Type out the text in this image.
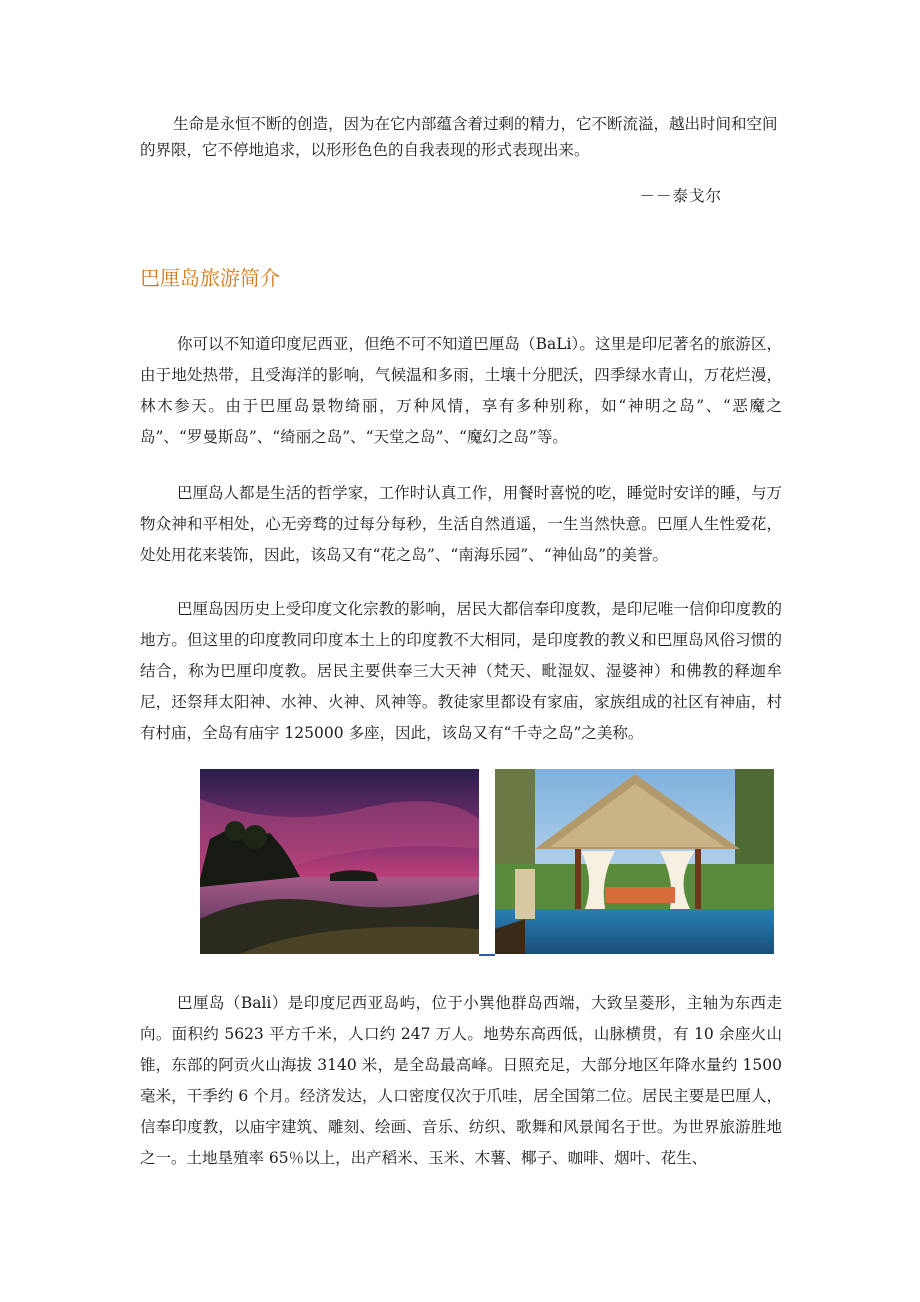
生命是永恒不断的创造，因为在它内部蕴含着过剩的精力，它不断流溢，越出时间和空间的界限，它不停地追求，以形形色色的自我表现的形式表现出来。
－－泰戈尔
巴厘岛旅游简介
你可以不知道印度尼西亚，但绝不可不知道巴厘岛（BaLi）。这里是印尼著名的旅游区，由于地处热带，且受海洋的影响，气候温和多雨，土壤十分肥沃，四季绿水青山，万花烂漫，林木参天。由于巴厘岛景物绮丽，万种风情，享有多种别称，如“神明之岛”、“恶魔之岛”、“罗曼斯岛”、“绮丽之岛”、“天堂之岛”、“魔幻之岛”等。
巴厘岛人都是生活的哲学家，工作时认真工作，用餐时喜悦的吃，睡觉时安详的睡，与万物众神和平相处，心无旁骛的过每分每秒，生活自然逍遥，一生当然快意。巴厘人生性爱花，处处用花来装饰，因此，该岛又有“花之岛”、“南海乐园”、“神仙岛”的美誉。
巴厘岛因历史上受印度文化宗教的影响，居民大都信奉印度教，是印尼唯一信仰印度教的地方。但这里的印度教同印度本土上的印度教不大相同，是印度教的教义和巴厘岛风俗习惯的结合，称为巴厘印度教。居民主要供奉三大天神（梵天、毗湿奴、湿婆神）和佛教的释迦牟尼，还祭拜太阳神、水神、火神、风神等。教徒家里都设有家庙，家族组成的社区有神庙，村有村庙，全岛有庙宇 125000 多座，因此，该岛又有“千寺之岛”之美称。
巴厘岛（Bali）是印度尼西亚岛屿，位于小巽他群岛西端，大致呈菱形，主轴为东西走向。面积约 5623 平方千米，人口约 247 万人。地势东高西低，山脉横贯，有 10 余座火山锥，东部的阿贡火山海拔 3140 米，是全岛最高峰。日照充足，大部分地区年降水量约 1500 毫米，干季约 6 个月。经济发达，人口密度仅次于爪哇，居全国第二位。居民主要是巴厘人，信奉印度教，以庙宇建筑、雕刻、绘画、音乐、纺织、歌舞和风景闻名于世。为世界旅游胜地之一。土地垦殖率 65％以上，出产稻米、玉米、木薯、椰子、咖啡、烟叶、花生、
